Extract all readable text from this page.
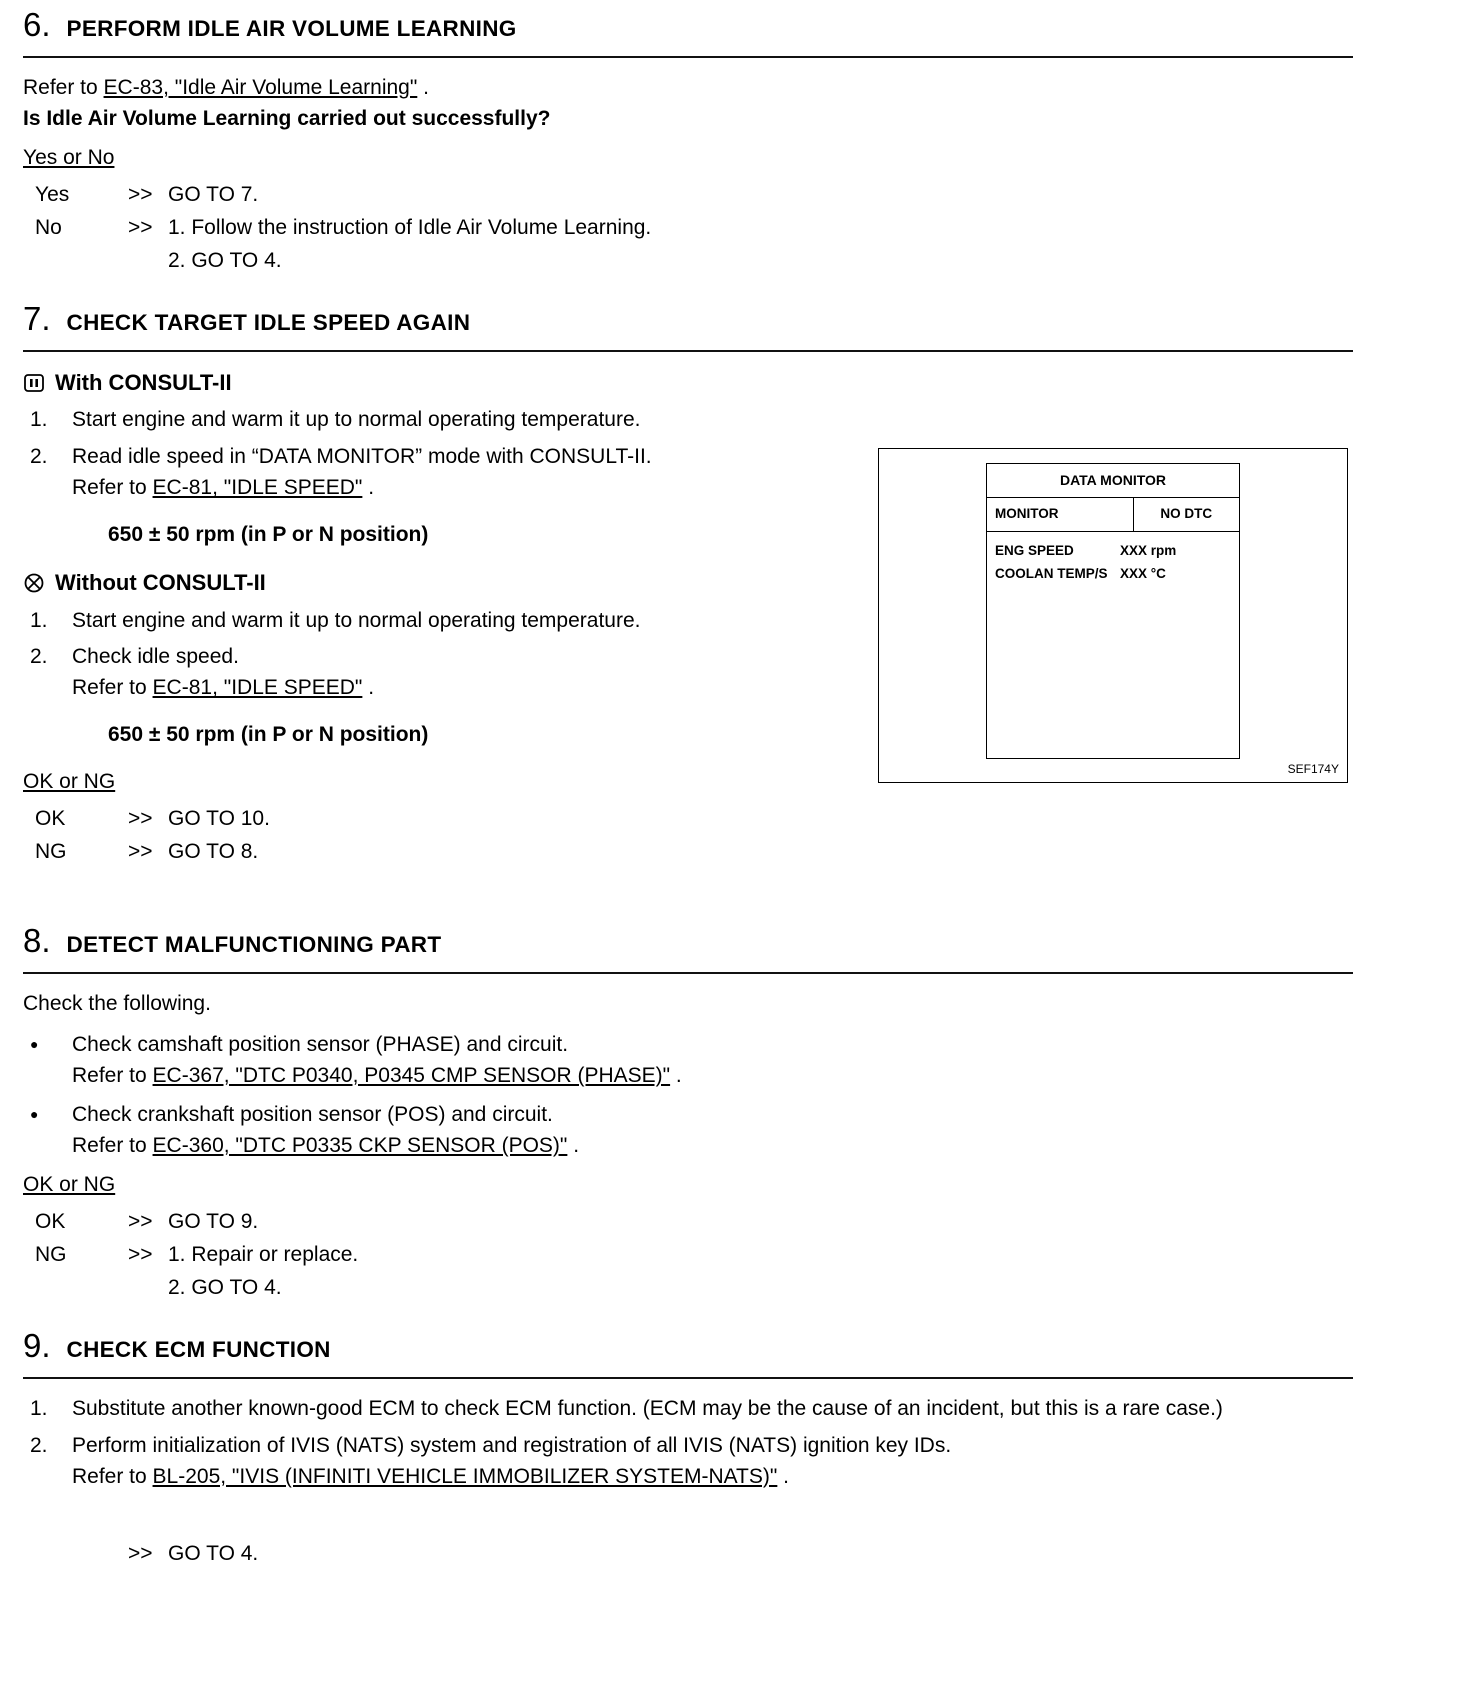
6. PERFORM IDLE AIR VOLUME LEARNING

Refer to EC-83, "Idle Air Volume Learning" .

Is Idle Air Volume Learning carried out successfully?

Yes or No

Yes	>> GO TO 7.
No	>> 1. Follow the instruction of Idle Air Volume Learning.
2. GO TO 4.
7. CHECK TARGET IDLE SPEED AGAIN
With CONSULT-II
1.	Start engine and warm it up to normal operating temperature.
2.	Read idle speed in “DATA MONITOR” mode with CONSULT-II.
Refer to EC-81, "IDLE SPEED" .
650 ± 50 rpm (in P or N position)
Without CONSULT-II
1.	Start engine and warm it up to normal operating temperature.
2.	Check idle speed.
Refer to EC-81, "IDLE SPEED" .
650 ± 50 rpm (in P or N position)

OK or NG

OK	>> GO TO 10.
NG	>> GO TO 8.
DATA MONITOR
MONITOR	NO DTC
ENG SPEED	XXX rpm
COOLAN TEMP/S XXX °C
SEF174Y
8. DETECT MALFUNCTIONING PART

Check the following.

●
Check camshaft position sensor (PHASE) and circuit.
Refer to EC-367, "DTC P0340, P0345 CMP SENSOR (PHASE)" .
●
Check crankshaft position sensor (POS) and circuit.
Refer to EC-360, "DTC P0335 CKP SENSOR (POS)" .

OK or NG

OK	>> GO TO 9.
NG	>> 1. Repair or replace.
2. GO TO 4.
9. CHECK ECM FUNCTION
1.	Substitute another known-good ECM to check ECM function. (ECM may be the cause of an incident, but this is a rare case.)
2.	Perform initialization of IVIS (NATS) system and registration of all IVIS (NATS) ignition key IDs.
Refer to BL-205, "IVIS (INFINITI VEHICLE IMMOBILIZER SYSTEM-NATS)" .
>> GO TO 4.
